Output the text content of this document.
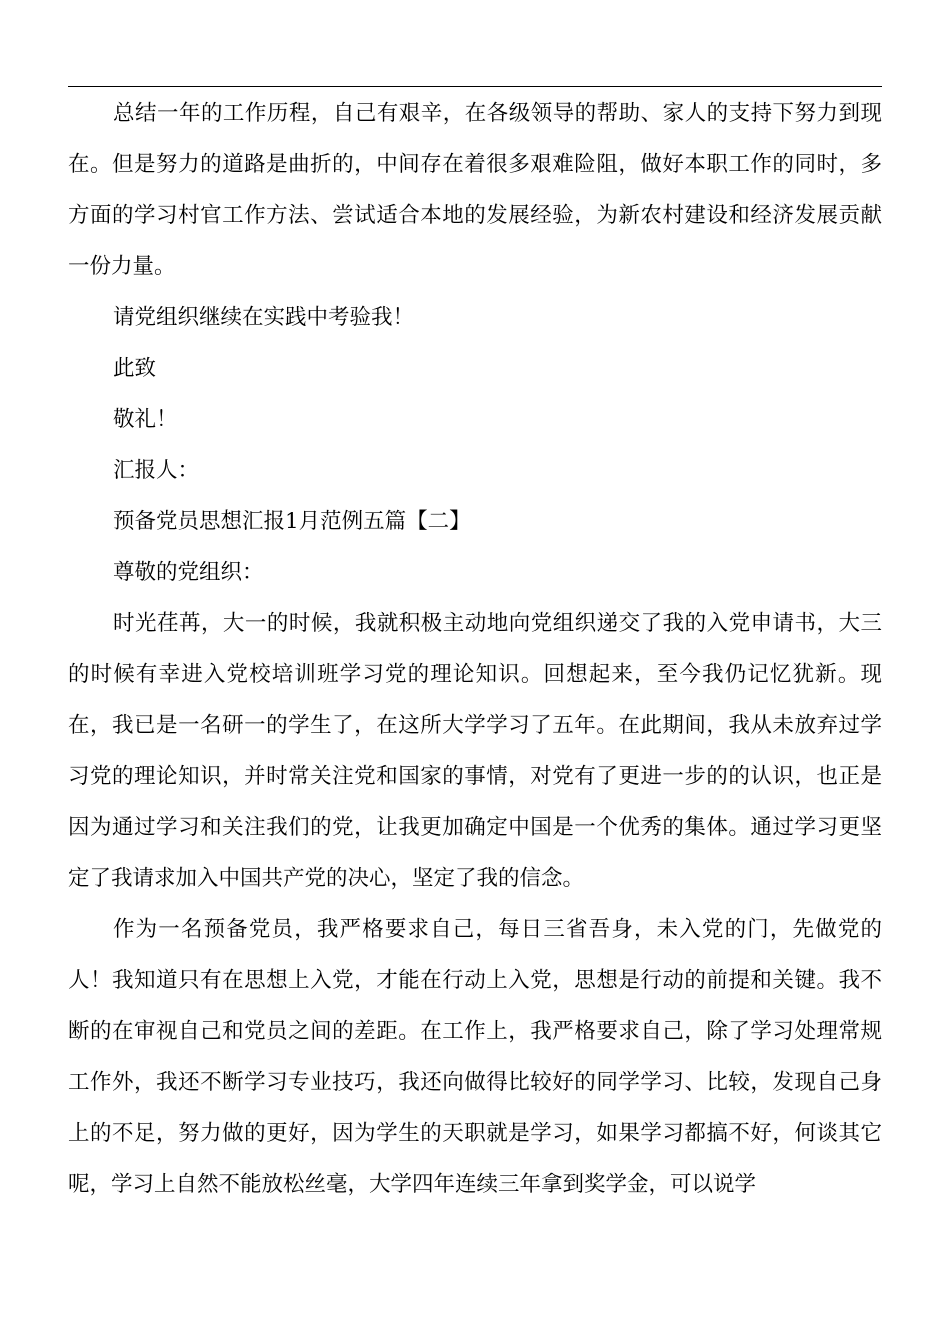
总结一年的工作历程，自己有艰辛，在各级领导的帮助、家人的支持下努力到现在。但是努力的道路是曲折的，中间存在着很多艰难险阻，做好本职工作的同时，多方面的学习村官工作方法、尝试适合本地的发展经验，为新农村建设和经济发展贡献一份力量。

请党组织继续在实践中考验我！

此致

敬礼！

汇报人：

预备党员思想汇报1月范例五篇【二】

尊敬的党组织：

时光荏苒，大一的时候，我就积极主动地向党组织递交了我的入党申请书，大三的时候有幸进入党校培训班学习党的理论知识。回想起来，至今我仍记忆犹新。现在，我已是一名研一的学生了，在这所大学学习了五年。在此期间，我从未放弃过学习党的理论知识，并时常关注党和国家的事情，对党有了更进一步的的认识，也正是因为通过学习和关注我们的党，让我更加确定中国是一个优秀的集体。通过学习更坚定了我请求加入中国共产党的决心，坚定了我的信念。

作为一名预备党员，我严格要求自己，每日三省吾身，未入党的门，先做党的人！我知道只有在思想上入党，才能在行动上入党，思想是行动的前提和关键。我不断的在审视自己和党员之间的差距。在工作上，我严格要求自己，除了学习处理常规工作外，我还不断学习专业技巧，我还向做得比较好的同学学习、比较，发现自己身上的不足，努力做的更好，因为学生的天职就是学习，如果学习都搞不好，何谈其它呢，学习上自然不能放松丝毫，大学四年连续三年拿到奖学金，可以说学
